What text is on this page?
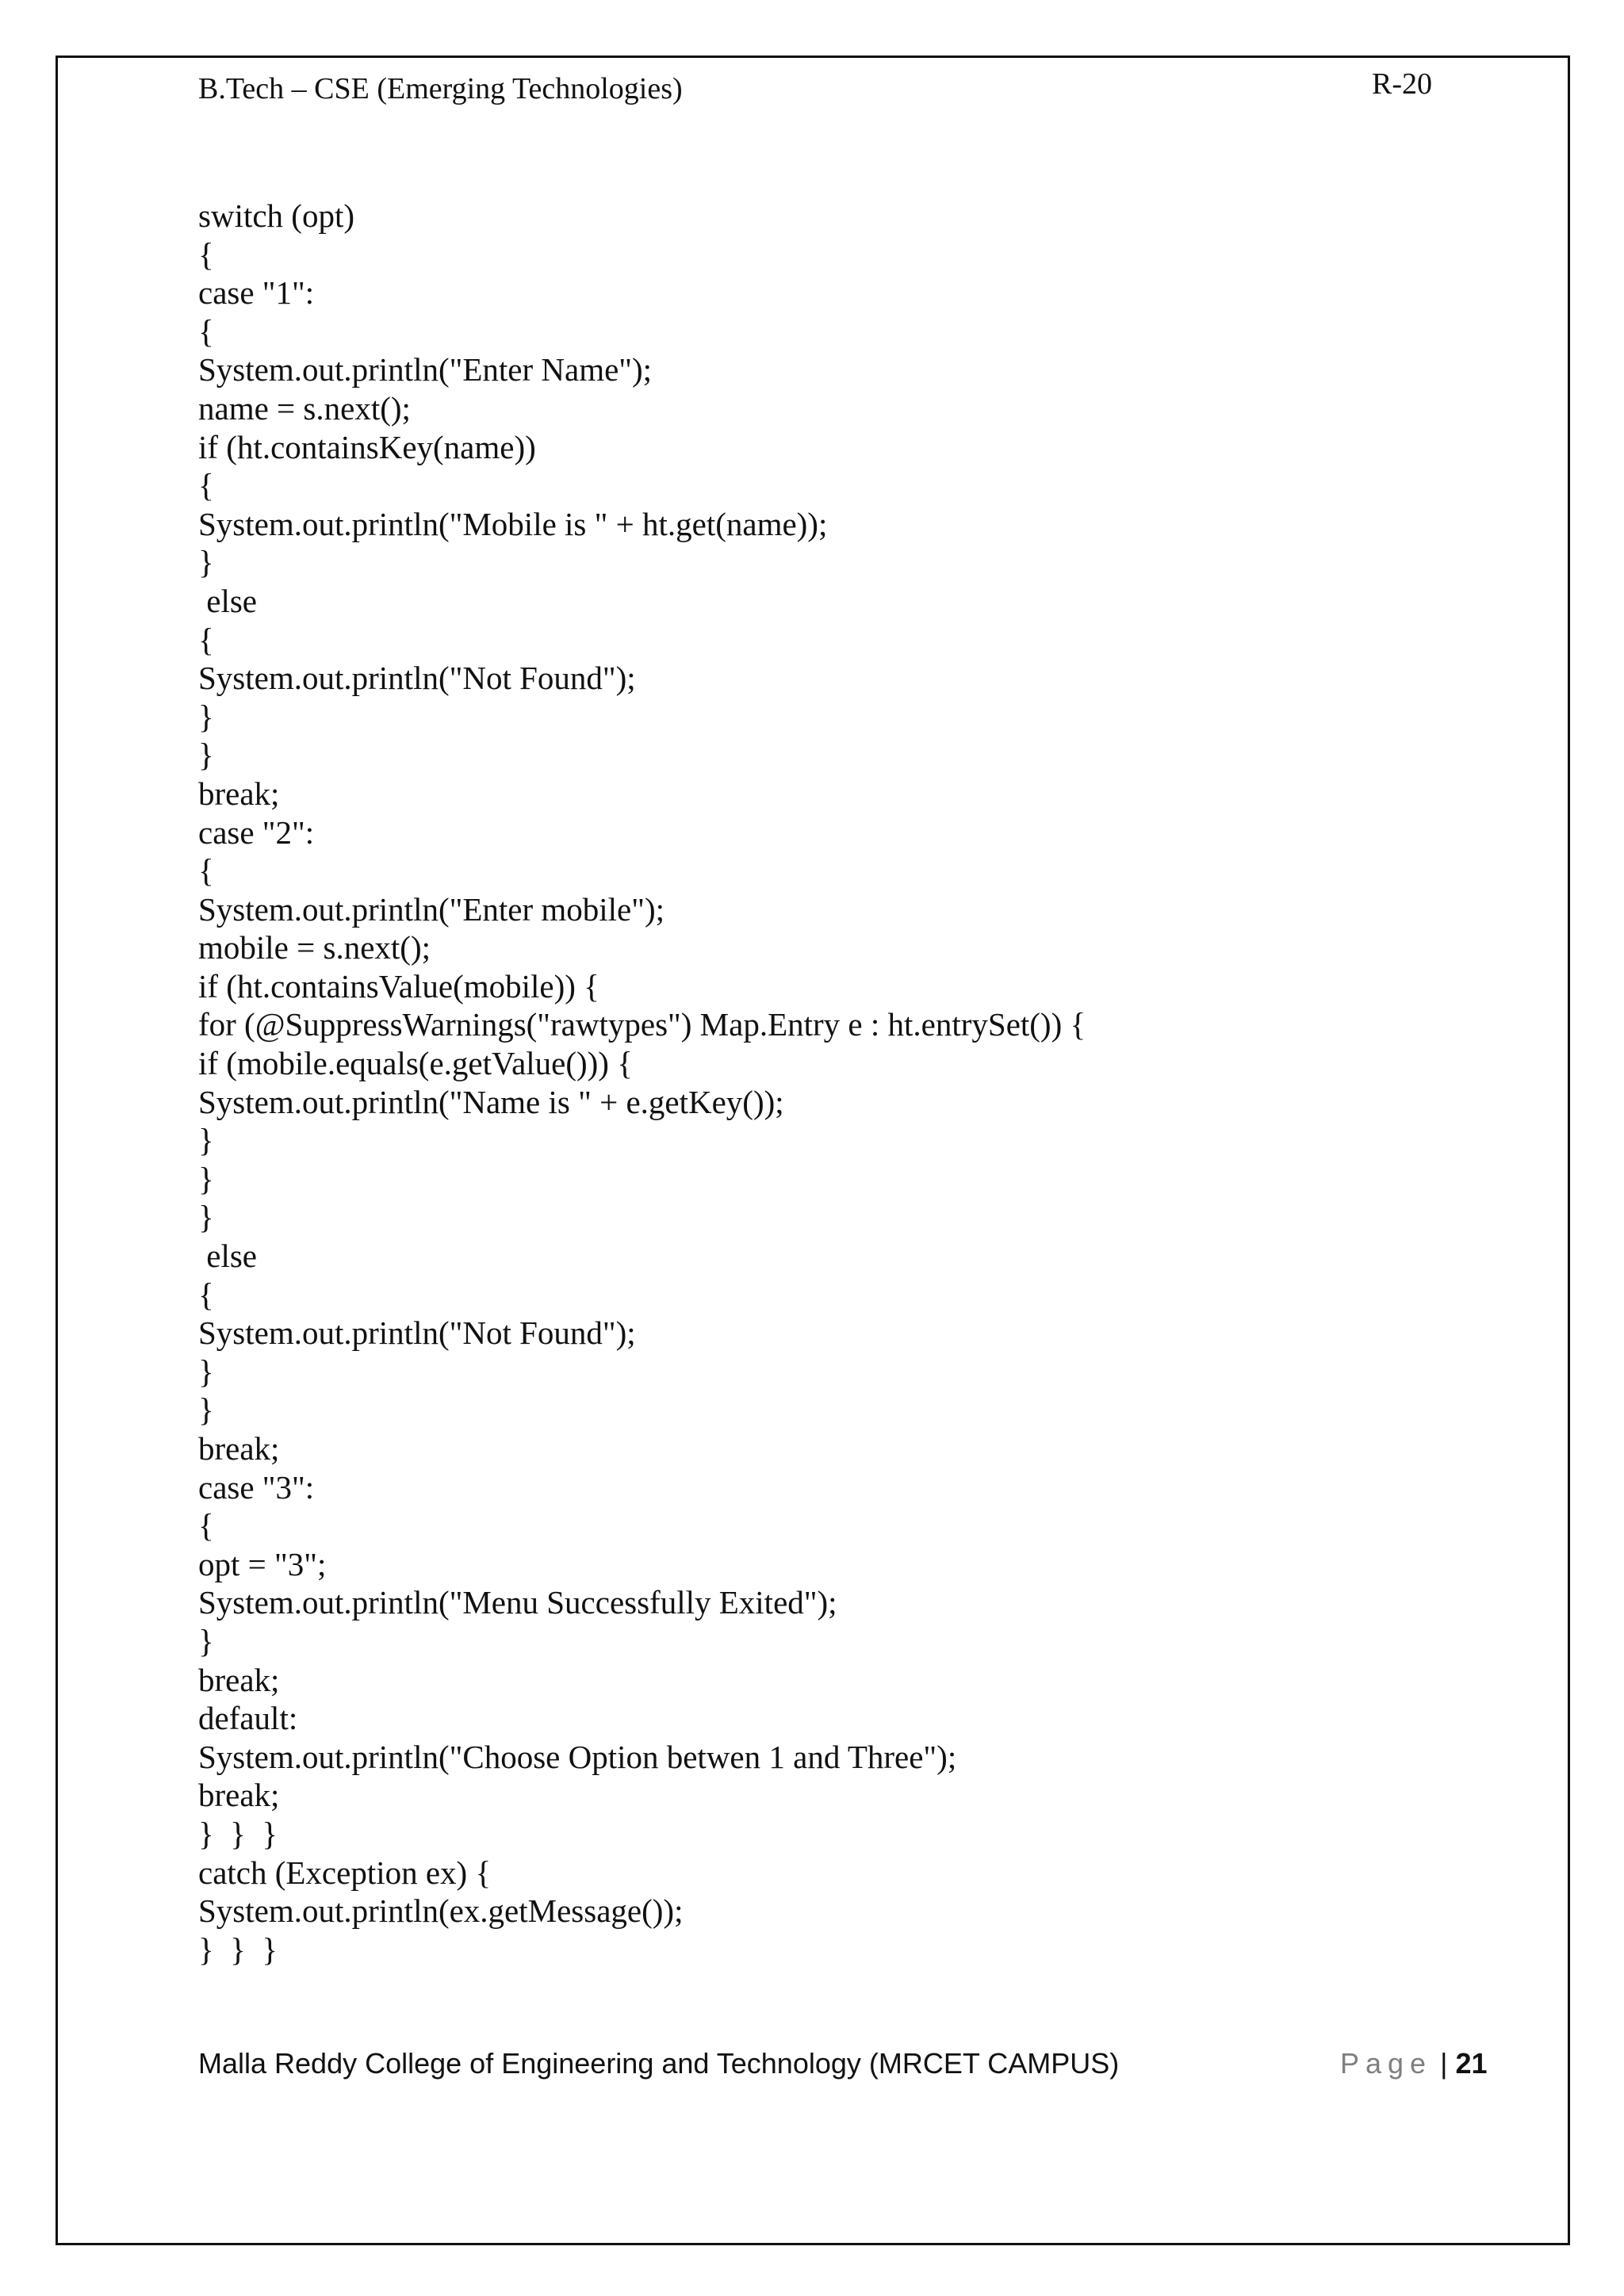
B.Tech – CSE (Emerging Technologies)	R-20
switch (opt)
{
case "1":
{
System.out.println("Enter Name");
name = s.next();
if (ht.containsKey(name))
{
System.out.println("Mobile is " + ht.get(name));
}
else
{
System.out.println("Not Found");
}
}
break;
case "2":
{
System.out.println("Enter mobile");
mobile = s.next();
if (ht.containsValue(mobile)) {
for (@SuppressWarnings("rawtypes") Map.Entry e : ht.entrySet()) {
if (mobile.equals(e.getValue())) {
System.out.println("Name is " + e.getKey());
}
}
}
else
{
System.out.println("Not Found");
}
}
break;
case "3":
{
opt = "3";
System.out.println("Menu Successfully Exited");
}
break;
default:
System.out.println("Choose Option betwen 1 and Three");
break;
}  }  }
catch (Exception ex) {
System.out.println(ex.getMessage());
}  }  }
Malla Reddy College of Engineering and Technology (MRCET CAMPUS)	Page | 21
